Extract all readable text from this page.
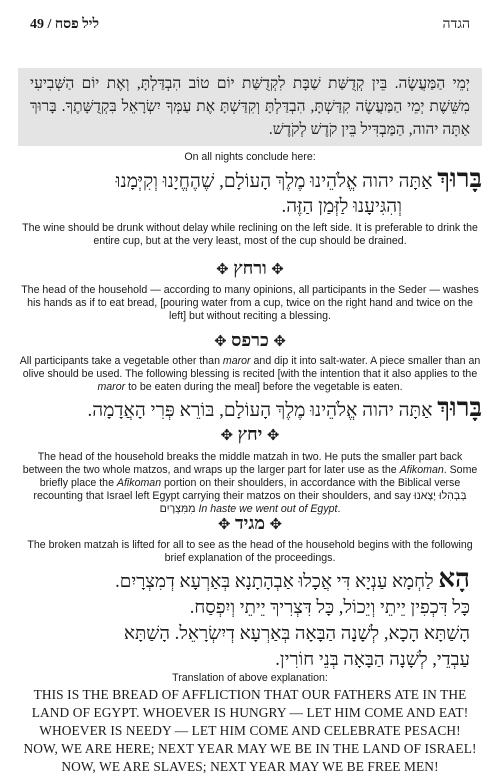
ליל פסח / 49	הגדה
יְמֵי הַמַּעֲשֶׂה. בֵּין קְדֻשַּׁת שַׁבָּת לִקְדֻשַּׁת יוֹם טוֹב הִבְדַּלְתָּ, וְאֶת יוֹם הַשְּׁבִיעִי מִשֵּׁשֶׁת יְמֵי הַמַּעֲשֶׂה קִדַּשְׁתָּ, הִבְדַּלְתָּ וְקִדַּשְׁתָּ אֶת עַמְּךָ יִשְׂרָאֵל בִּקְדֻשָּׁתֶךָ. בָּרוּךְ אַתָּה יהוה, הַמַּבְדִּיל בֵּין קֹדֶשׁ לְקֹדֶשׁ.
On all nights conclude here:
בָּרוּךְ אַתָּה יהוה אֱלֹהֵינוּ מֶלֶךְ הָעוֹלָם, שֶׁהֶחֱיָנוּ וְקִיְּמָנוּ
וְהִגִּיעָנוּ לַזְּמַן הַזֶּה.
The wine should be drunk without delay while reclining on the left side. It is preferable to drink the entire cup, but at the very least, most of the cup should be drained.
✥ ורחץ ✥
The head of the household — according to many opinions, all participants in the Seder — washes his hands as if to eat bread, [pouring water from a cup, twice on the right hand and twice on the left] but without reciting a blessing.
✥ כרפס ✥
All participants take a vegetable other than maror and dip it into salt-water. A piece smaller than an olive should be used. The following blessing is recited [with the intention that it also applies to the maror to be eaten during the meal] before the vegetable is eaten.
בָּרוּךְ אַתָּה יהוה אֱלֹהֵינוּ מֶלֶךְ הָעוֹלָם, בּוֹרֵא פְּרִי הָאֲדָמָה.
✥ יחץ ✥
The head of the household breaks the middle matzah in two. He puts the smaller part back between the two whole matzos, and wraps up the larger part for later use as the Afikoman. Some briefly place the Afikoman portion on their shoulders, in accordance with the Biblical verse recounting that Israel left Egypt carrying their matzos on their shoulders, and say בְּבְהִלוּ יָצָאנוּ מִמִּצְרָיִם In haste we went out of Egypt.
✥ מגיד ✥
The broken matzah is lifted for all to see as the head of the household begins with the following brief explanation of the proceedings.
הָא לַחְמָא עַנְיָא דִּי אֲכָלוּ אַבְהָתָנָא בְּאַרְעָא דְמִצְרָיִם.
כָּל דִּכְפִין יֵיתֵי וְיֵכוֹל, כָּל דִּצְרִיךְ יֵיתֵי וְיִפְסַח.
הָשַׁתָּא הָכָא, לְשָׁנָה הַבָּאָה בְּאַרְעָא דְיִשְׂרָאֵל. הָשַׁתָּא
עַבְדֵי, לְשָׁנָה הַבָּאָה בְּנֵי חוֹרִין.
Translation of above explanation:
THIS IS THE BREAD OF AFFLICTION THAT OUR FATHERS ATE IN THE LAND OF EGYPT. WHOEVER IS HUNGRY — LET HIM COME AND EAT! WHOEVER IS NEEDY — LET HIM COME AND CELEBRATE PESACH! NOW, WE ARE HERE; NEXT YEAR MAY WE BE IN THE LAND OF ISRAEL! NOW, WE ARE SLAVES; NEXT YEAR MAY WE BE FREE MEN!
